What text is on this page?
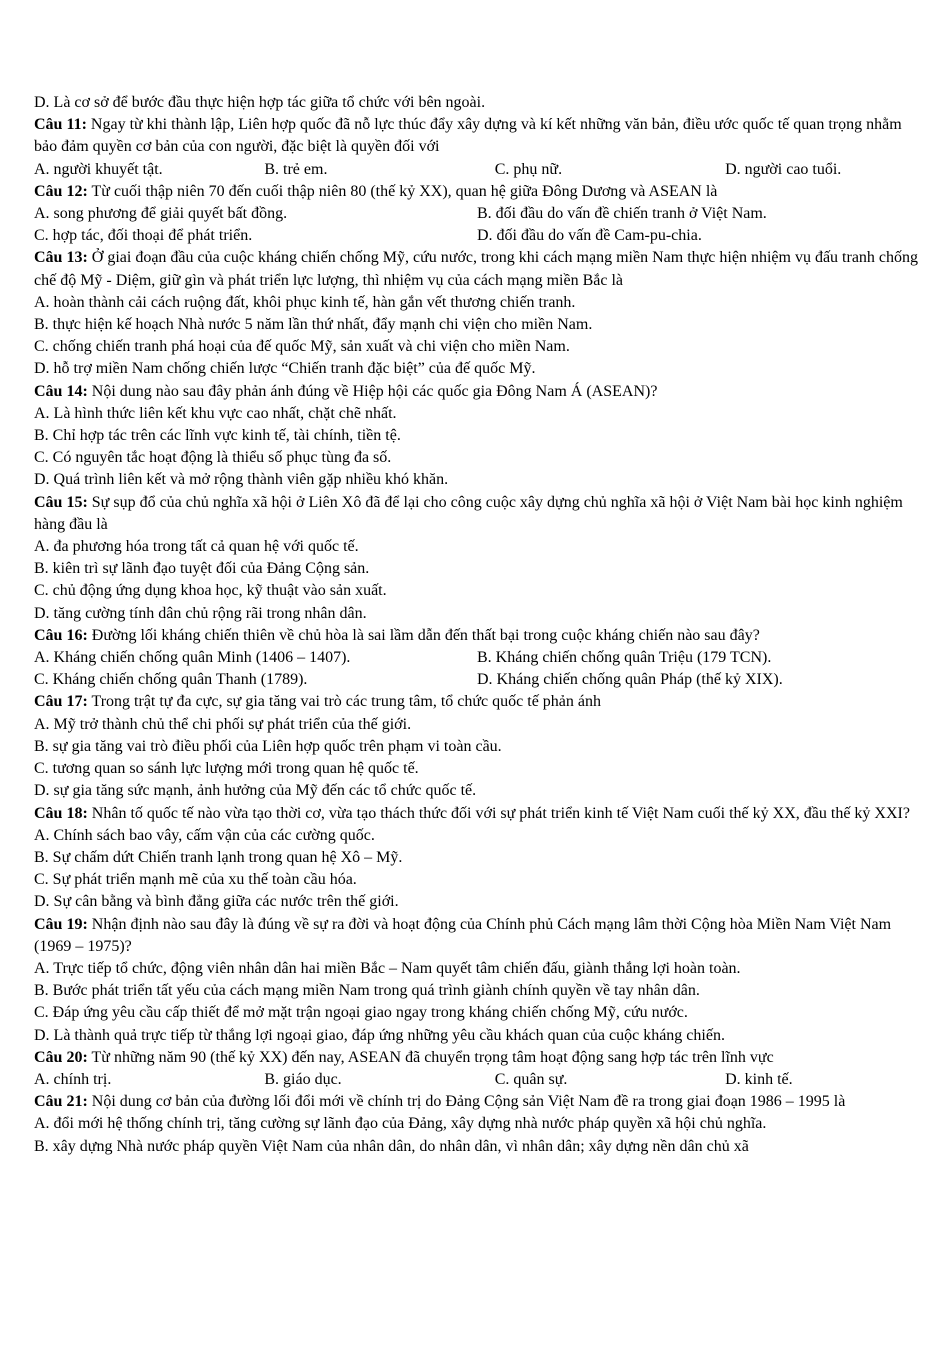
D. Là cơ sở để bước đầu thực hiện hợp tác giữa tổ chức với bên ngoài.
Câu 11: Ngay từ khi thành lập, Liên hợp quốc đã nỗ lực thúc đẩy xây dựng và kí kết những văn bản, điều ước quốc tế quan trọng nhằm bảo đảm quyền cơ bản của con người, đặc biệt là quyền đối với
A. người khuyết tật.	B. trẻ em.	C. phụ nữ.	D. người cao tuổi.
Câu 12: Từ cuối thập niên 70 đến cuối thập niên 80 (thế kỷ XX), quan hệ giữa Đông Dương và ASEAN là
A. song phương để giải quyết bất đồng.	B. đối đầu do vấn đề chiến tranh ở Việt Nam.
C. hợp tác, đối thoại để phát triển.	D. đối đầu do vấn đề Cam-pu-chia.
Câu 13: Ở giai đoạn đầu của cuộc kháng chiến chống Mỹ, cứu nước, trong khi cách mạng miền Nam thực hiện nhiệm vụ đấu tranh chống chế độ Mỹ - Diệm, giữ gìn và phát triển lực lượng, thì nhiệm vụ của cách mạng miền Bắc là
A. hoàn thành cải cách ruộng đất, khôi phục kinh tế, hàn gắn vết thương chiến tranh.
B. thực hiện kế hoạch Nhà nước 5 năm lần thứ nhất, đẩy mạnh chi viện cho miền Nam.
C. chống chiến tranh phá hoại của đế quốc Mỹ, sản xuất và chi viện cho miền Nam.
D. hỗ trợ miền Nam chống chiến lược “Chiến tranh đặc biệt” của đế quốc Mỹ.
Câu 14: Nội dung nào sau đây phản ánh đúng về Hiệp hội các quốc gia Đông Nam Á (ASEAN)?
A. Là hình thức liên kết khu vực cao nhất, chặt chẽ nhất.
B. Chỉ hợp tác trên các lĩnh vực kinh tế, tài chính, tiền tệ.
C. Có nguyên tắc hoạt động là thiểu số phục tùng đa số.
D. Quá trình liên kết và mở rộng thành viên gặp nhiều khó khăn.
Câu 15: Sự sụp đổ của chủ nghĩa xã hội ở Liên Xô đã để lại cho công cuộc xây dựng chủ nghĩa xã hội ở Việt Nam bài học kinh nghiệm hàng đầu là
A. đa phương hóa trong tất cả quan hệ với quốc tế.
B. kiên trì sự lãnh đạo tuyệt đối của Đảng Cộng sản.
C. chủ động ứng dụng khoa học, kỹ thuật vào sản xuất.
D. tăng cường tính dân chủ rộng rãi trong nhân dân.
Câu 16: Đường lối kháng chiến thiên về chủ hòa là sai lầm dẫn đến thất bại trong cuộc kháng chiến nào sau đây?
A. Kháng chiến chống quân Minh (1406 – 1407).	B. Kháng chiến chống quân Triệu (179 TCN).
C. Kháng chiến chống quân Thanh (1789).	D. Kháng chiến chống quân Pháp (thế kỷ XIX).
Câu 17: Trong trật tự đa cực, sự gia tăng vai trò các trung tâm, tổ chức quốc tế phản ánh
A. Mỹ trở thành chủ thể chi phối sự phát triển của thế giới.
B. sự gia tăng vai trò điều phối của Liên hợp quốc trên phạm vi toàn cầu.
C. tương quan so sánh lực lượng mới trong quan hệ quốc tế.
D. sự gia tăng sức mạnh, ảnh hưởng của Mỹ đến các tổ chức quốc tế.
Câu 18: Nhân tố quốc tế nào vừa tạo thời cơ, vừa tạo thách thức đối với sự phát triển kinh tế Việt Nam cuối thế kỷ XX, đầu thế kỷ XXI?
A. Chính sách bao vây, cấm vận của các cường quốc.
B. Sự chấm dứt Chiến tranh lạnh trong quan hệ Xô – Mỹ.
C. Sự phát triển mạnh mẽ của xu thế toàn cầu hóa.
D. Sự cân bằng và bình đẳng giữa các nước trên thế giới.
Câu 19: Nhận định nào sau đây là đúng về sự ra đời và hoạt động của Chính phủ Cách mạng lâm thời Cộng hòa Miền Nam Việt Nam (1969 – 1975)?
A. Trực tiếp tổ chức, động viên nhân dân hai miền Bắc – Nam quyết tâm chiến đấu, giành thắng lợi hoàn toàn.
B. Bước phát triển tất yếu của cách mạng miền Nam trong quá trình giành chính quyền về tay nhân dân.
C. Đáp ứng yêu cầu cấp thiết để mở mặt trận ngoại giao ngay trong kháng chiến chống Mỹ, cứu nước.
D. Là thành quả trực tiếp từ thắng lợi ngoại giao, đáp ứng những yêu cầu khách quan của cuộc kháng chiến.
Câu 20: Từ những năm 90 (thế kỷ XX) đến nay, ASEAN đã chuyển trọng tâm hoạt động sang hợp tác trên lĩnh vực
A. chính trị.	B. giáo dục.	C. quân sự.	D. kinh tế.
Câu 21: Nội dung cơ bản của đường lối đổi mới về chính trị do Đảng Cộng sản Việt Nam đề ra trong giai đoạn 1986 – 1995 là
A. đổi mới hệ thống chính trị, tăng cường sự lãnh đạo của Đảng, xây dựng nhà nước pháp quyền xã hội chủ nghĩa.
B. xây dựng Nhà nước pháp quyền Việt Nam của nhân dân, do nhân dân, vì nhân dân; xây dựng nền dân chủ xã
